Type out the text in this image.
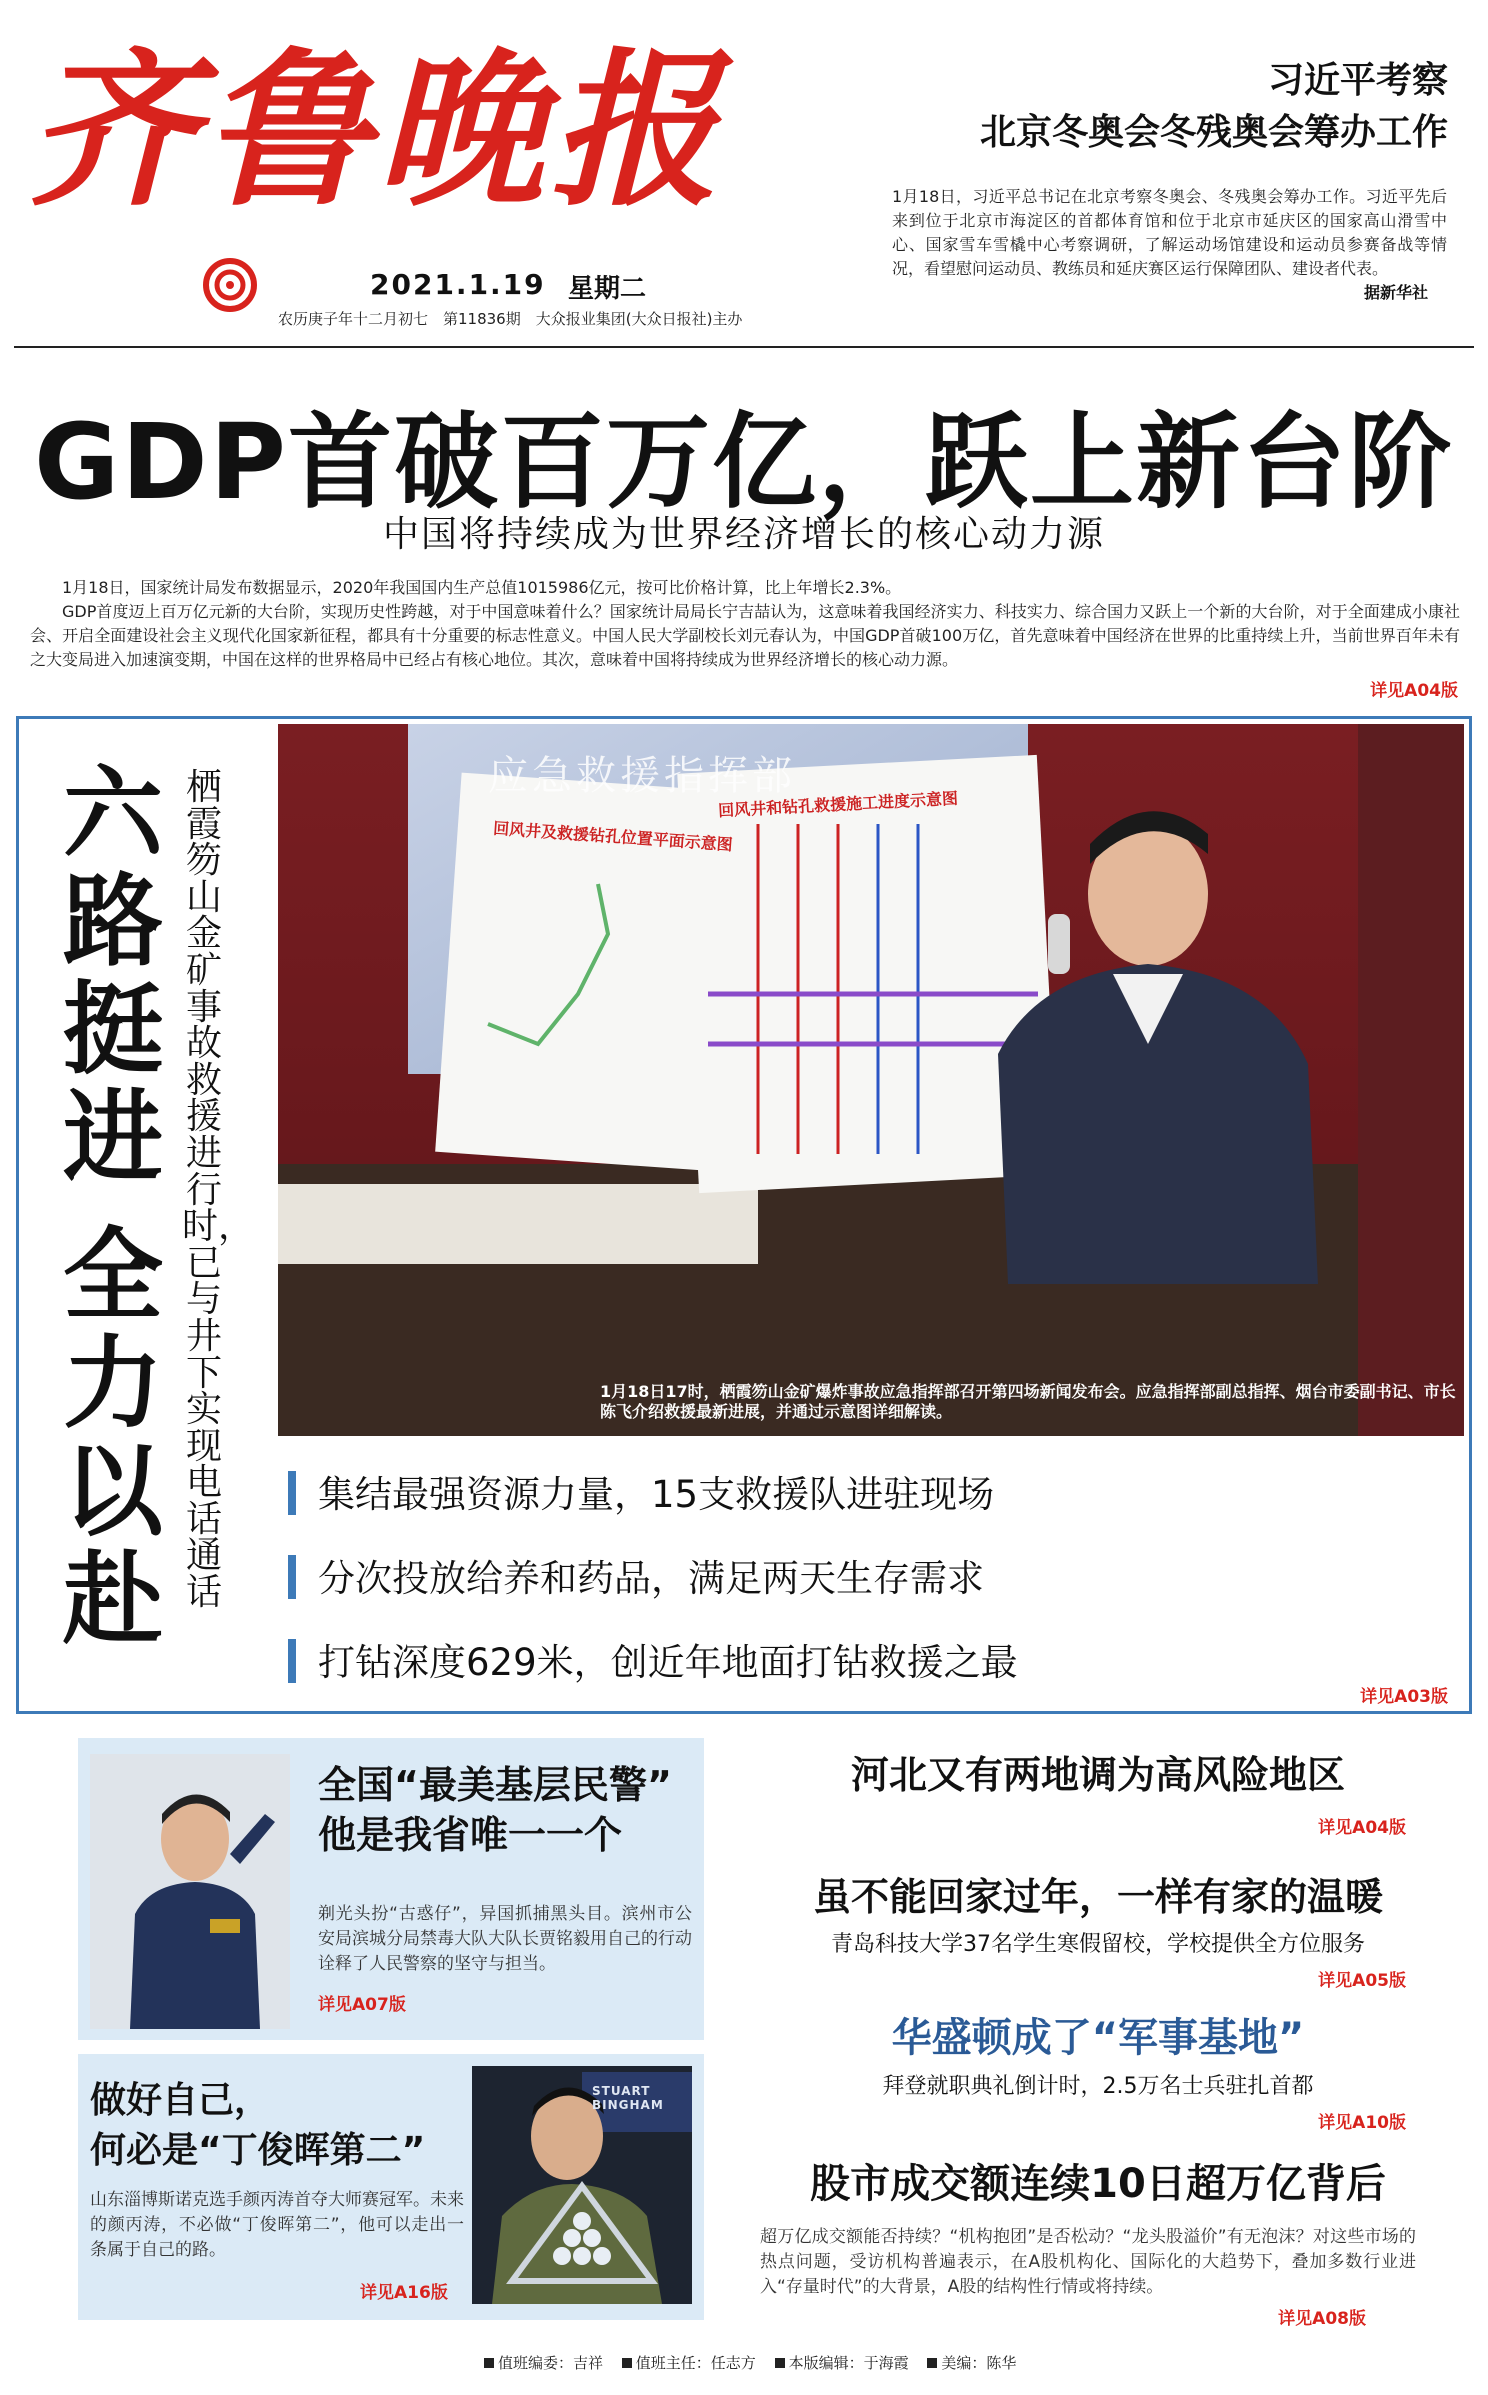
齐鲁晚报
2021.1.19 星期二
农历庚子年十二月初七　第11836期　大众报业集团(大众日报社)主办
习近平考察
北京冬奥会冬残奥会筹办工作
1月18日，习近平总书记在北京考察冬奥会、冬残奥会筹办工作。习近平先后来到位于北京市海淀区的首都体育馆和位于北京市延庆区的国家高山滑雪中心、国家雪车雪橇中心考察调研，了解运动场馆建设和运动员参赛备战等情况，看望慰问运动员、教练员和延庆赛区运行保障团队、建设者代表。
据新华社
GDP首破百万亿，跃上新台阶
中国将持续成为世界经济增长的核心动力源

1月18日，国家统计局发布数据显示，2020年我国国内生产总值1015986亿元，按可比价格计算，比上年增长2.3%。

GDP首度迈上百万亿元新的大台阶，实现历史性跨越，对于中国意味着什么？国家统计局局长宁吉喆认为，这意味着我国经济实力、科技实力、综合国力又跃上一个新的大台阶，对于全面建成小康社会、开启全面建设社会主义现代化国家新征程，都具有十分重要的标志性意义。中国人民大学副校长刘元春认为，中国GDP首破100万亿，首先意味着中国经济在世界的比重持续上升，当前世界百年未有之大变局进入加速演变期，中国在这样的世界格局中已经占有核心地位。其次，意味着中国将持续成为世界经济增长的核心动力源。

详见A04版
六
路
挺
进
全
力
以
赴
栖霞笏山金矿事故救援进行时，已与井下实现电话通话
应急救援指挥部
回风井及救援钻孔位置平面示意图
回风井和钻孔救援施工进度示意图
1月18日17时，栖霞笏山金矿爆炸事故应急指挥部召开第四场新闻发布会。应急指挥部副总指挥、烟台市委副书记、市长陈飞介绍救援最新进展，并通过示意图详细解读。
集结最强资源力量，15支救援队进驻现场
分次投放给养和药品，满足两天生存需求
打钻深度629米，创近年地面打钻救援之最
详见A03版
全国“最美基层民警”
他是我省唯一一个
剃光头扮“古惑仔”，异国抓捕黑头目。滨州市公安局滨城分局禁毒大队大队长贾铭毅用自己的行动诠释了人民警察的坚守与担当。
详见A07版
STUART BINGHAM
做好自己，
何必是“丁俊晖第二”
山东淄博斯诺克选手颜丙涛首夺大师赛冠军。未来的颜丙涛，不必做“丁俊晖第二”，他可以走出一条属于自己的路。
详见A16版
河北又有两地调为高风险地区
详见A04版
虽不能回家过年，一样有家的温暖
青岛科技大学37名学生寒假留校，学校提供全方位服务
详见A05版
华盛顿成了“军事基地”
拜登就职典礼倒计时，2.5万名士兵驻扎首都
详见A10版
股市成交额连续10日超万亿背后
超万亿成交额能否持续？“机构抱团”是否松动？“龙头股溢价”有无泡沫？对这些市场的热点问题，受访机构普遍表示，在A股机构化、国际化的大趋势下，叠加多数行业进入“存量时代”的大背景，A股的结构性行情或将持续。
详见A08版
值班编委：吉祥 值班主任：任志方 本版编辑：于海霞 美编：陈华
